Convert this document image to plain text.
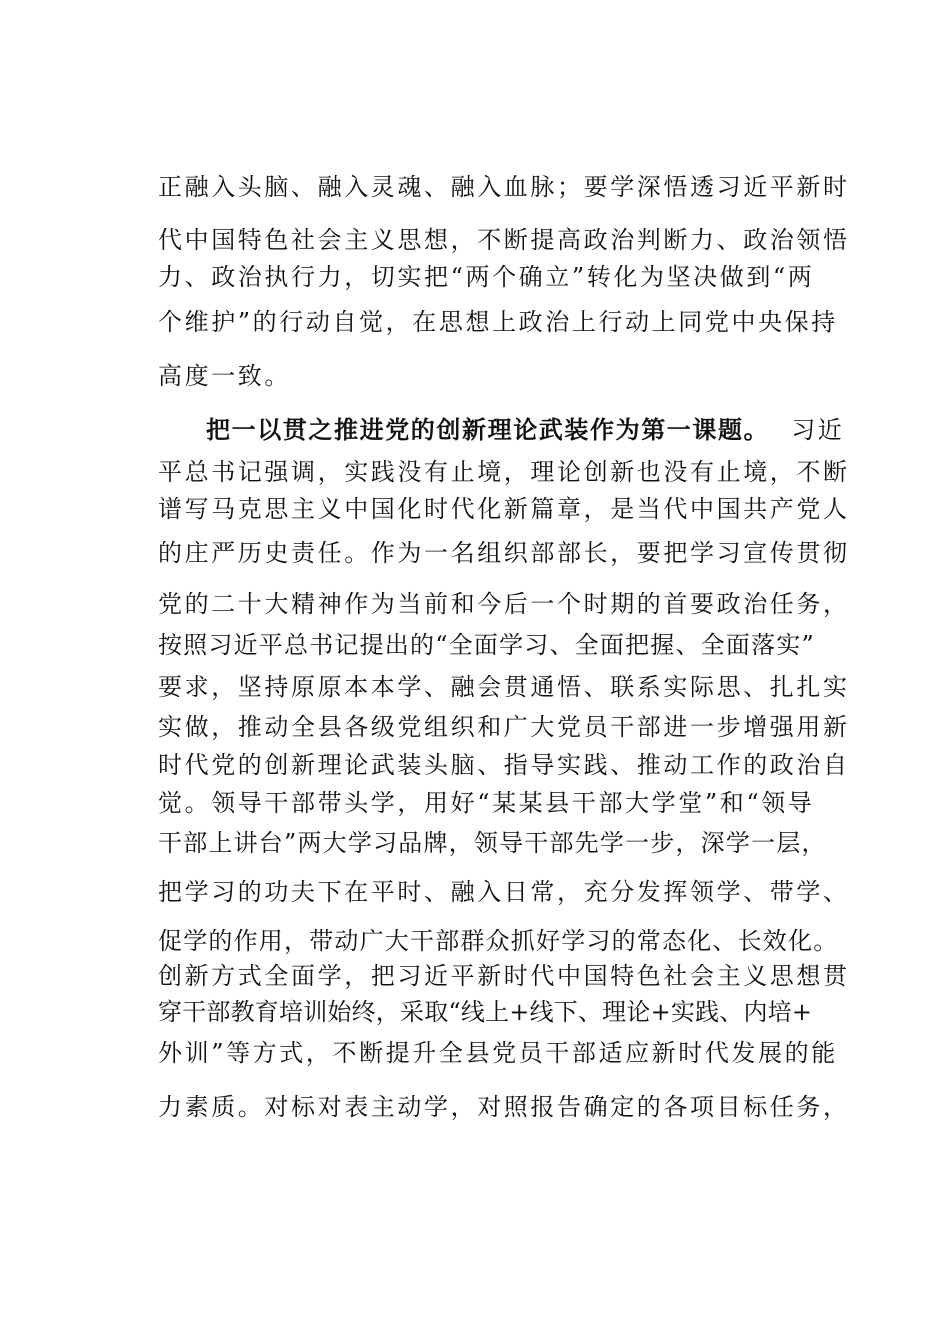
正融入头脑、融入灵魂、融入血脉；要学深悟透习近平新时
代中国特色社会主义思想，不断提高政治判断力、政治领悟
力、政治执行力，切实把“两个确立”转化为坚决做到“两
个维护”的行动自觉，在思想上政治上行动上同党中央保持
高度一致。
把一以贯之推进党的创新理论武装作为第一课题。 习近
平总书记强调，实践没有止境，理论创新也没有止境，不断
谱写马克思主义中国化时代化新篇章，是当代中国共产党人
的庄严历史责任。作为一名组织部部长，要把学习宣传贯彻
党的二十大精神作为当前和今后一个时期的首要政治任务，
按照习近平总书记提出的“全面学习、全面把握、全面落实”
要求，坚持原原本本学、融会贯通悟、联系实际思、扎扎实
实做，推动全县各级党组织和广大党员干部进一步增强用新
时代党的创新理论武装头脑、指导实践、推动工作的政治自
觉。领导干部带头学，用好“某某县干部大学堂”和“领导
干部上讲台”两大学习品牌，领导干部先学一步，深学一层，
把学习的功夫下在平时、融入日常，充分发挥领学、带学、
促学的作用，带动广大干部群众抓好学习的常态化、长效化。
创新方式全面学，把习近平新时代中国特色社会主义思想贯
穿干部教育培训始终，采取“线上+线下、理论+实践、内培+
外训”等方式，不断提升全县党员干部适应新时代发展的能
力素质。对标对表主动学，对照报告确定的各项目标任务，
